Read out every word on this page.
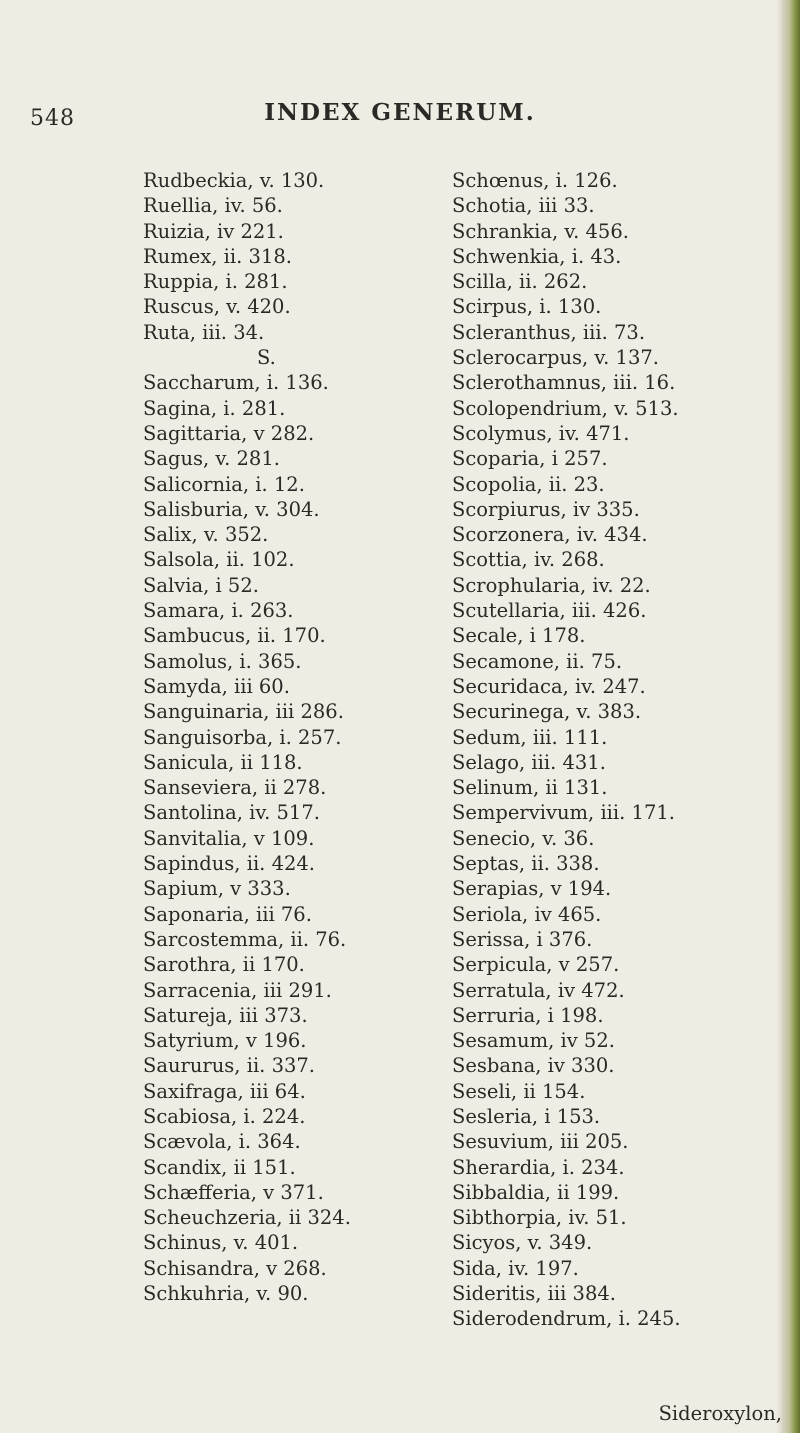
548	INDEX GENERUM.
Rudbeckia, v. 130.
Ruellia, iv. 56.
Ruizia, iv 221.
Rumex, ii. 318.
Ruppia, i. 281.
Ruscus, v. 420.
Ruta, iii. 34.
S.
Saccharum, i. 136.
Sagina, i. 281.
Sagittaria, v 282.
Sagus, v. 281.
Salicornia, i. 12.
Salisburia, v. 304.
Salix, v. 352.
Salsola, ii. 102.
Salvia, i 52.
Samara, i. 263.
Sambucus, ii. 170.
Samolus, i. 365.
Samyda, iii 60.
Sanguinaria, iii 286.
Sanguisorba, i. 257.
Sanicula, ii 118.
Sanseviera, ii 278.
Santolina, iv. 517.
Sanvitalia, v 109.
Sapindus, ii. 424.
Sapium, v 333.
Saponaria, iii 76.
Sarcostemma, ii. 76.
Sarothra, ii 170.
Sarracenia, iii 291.
Satureja, iii 373.
Satyrium, v 196.
Saururus, ii. 337.
Saxifraga, iii 64.
Scabiosa, i. 224.
Scævola, i. 364.
Scandix, ii 151.
Schæfferia, v 371.
Scheuchzeria, ii 324.
Schinus, v. 401.
Schisandra, v 268.
Schkuhria, v. 90.
Schœnus, i. 126.
Schotia, iii 33.
Schrankia, v. 456.
Schwenkia, i. 43.
Scilla, ii. 262.
Scirpus, i. 130.
Scleranthus, iii. 73.
Sclerocarpus, v. 137.
Sclerothamnus, iii. 16.
Scolopendrium, v. 513.
Scolymus, iv. 471.
Scoparia, i 257.
Scopolia, ii. 23.
Scorpiurus, iv 335.
Scorzonera, iv. 434.
Scottia, iv. 268.
Scrophularia, iv. 22.
Scutellaria, iii. 426.
Secale, i 178.
Secamone, ii. 75.
Securidaca, iv. 247.
Securinega, v. 383.
Sedum, iii. 111.
Selago, iii. 431.
Selinum, ii 131.
Sempervivum, iii. 171.
Senecio, v. 36.
Septas, ii. 338.
Serapias, v 194.
Seriola, iv 465.
Serissa, i 376.
Serpicula, v 257.
Serratula, iv 472.
Serruria, i 198.
Sesamum, iv 52.
Sesbana, iv 330.
Seseli, ii 154.
Sesleria, i 153.
Sesuvium, iii 205.
Sherardia, i. 234.
Sibbaldia, ii 199.
Sibthorpia, iv. 51.
Sicyos, v. 349.
Sida, iv. 197.
Sideritis, iii 384.
Siderodendrum, i. 245.
Sideroxylon,
